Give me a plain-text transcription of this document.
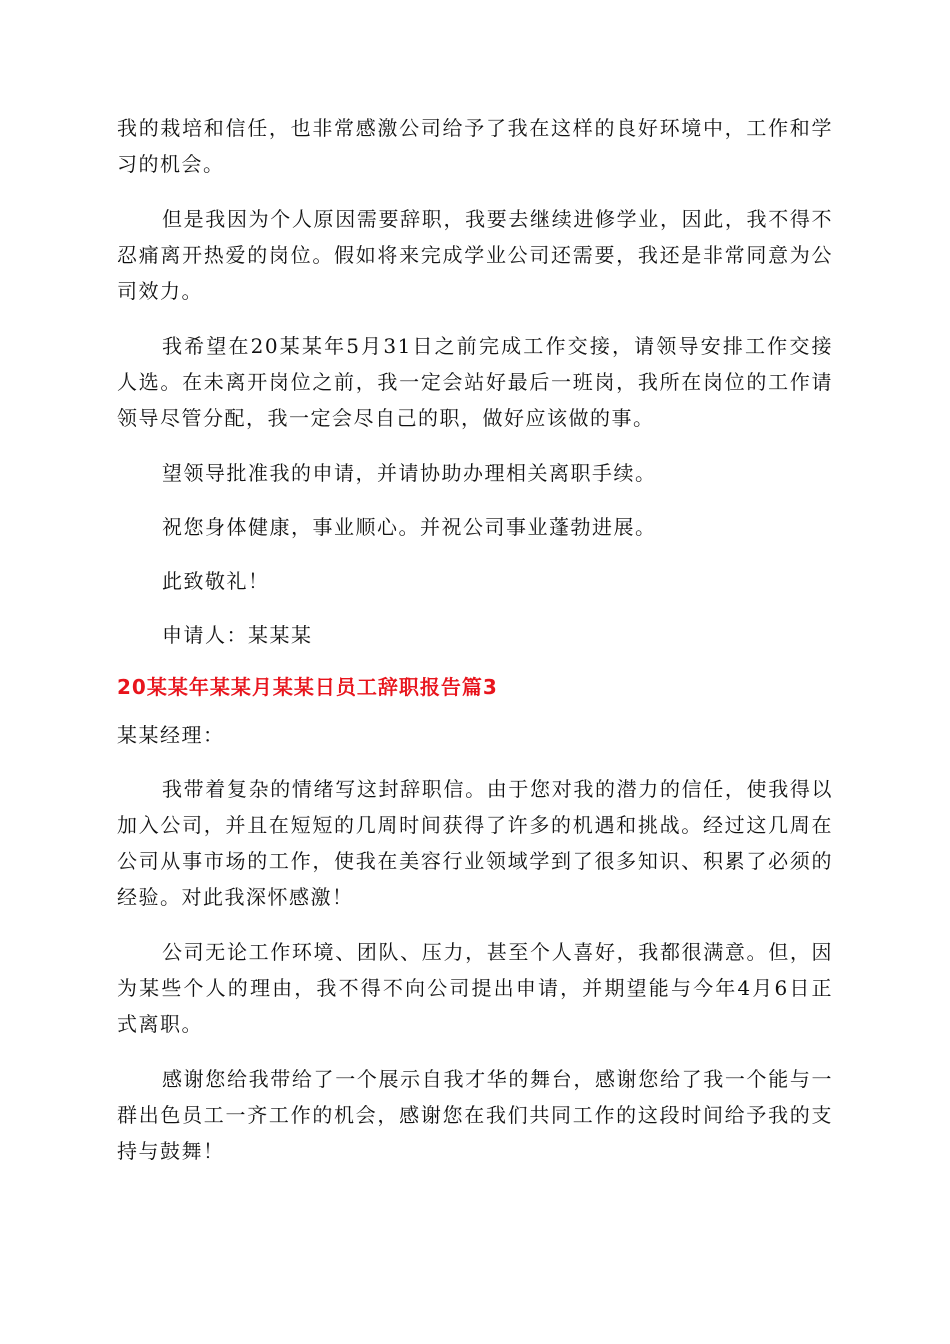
我的栽培和信任，也非常感激公司给予了我在这样的良好环境中，工作和学习的机会。

但是我因为个人原因需要辞职，我要去继续进修学业，因此，我不得不忍痛离开热爱的岗位。假如将来完成学业公司还需要，我还是非常同意为公司效力。

我希望在20某某年5月31日之前完成工作交接，请领导安排工作交接人选。在未离开岗位之前，我一定会站好最后一班岗，我所在岗位的工作请领导尽管分配，我一定会尽自己的职，做好应该做的事。

望领导批准我的申请，并请协助办理相关离职手续。

祝您身体健康，事业顺心。并祝公司事业蓬勃进展。

此致敬礼！

申请人：某某某

20某某年某某月某某日员工辞职报告篇3

某某经理：

我带着复杂的情绪写这封辞职信。由于您对我的潜力的信任，使我得以加入公司，并且在短短的几周时间获得了许多的机遇和挑战。经过这几周在公司从事市场的工作，使我在美容行业领域学到了很多知识、积累了必须的经验。对此我深怀感激！

公司无论工作环境、团队、压力，甚至个人喜好，我都很满意。但，因为某些个人的理由，我不得不向公司提出申请，并期望能与今年4月6日正式离职。

感谢您给我带给了一个展示自我才华的舞台，感谢您给了我一个能与一群出色员工一齐工作的机会，感谢您在我们共同工作的这段时间给予我的支持与鼓舞！
